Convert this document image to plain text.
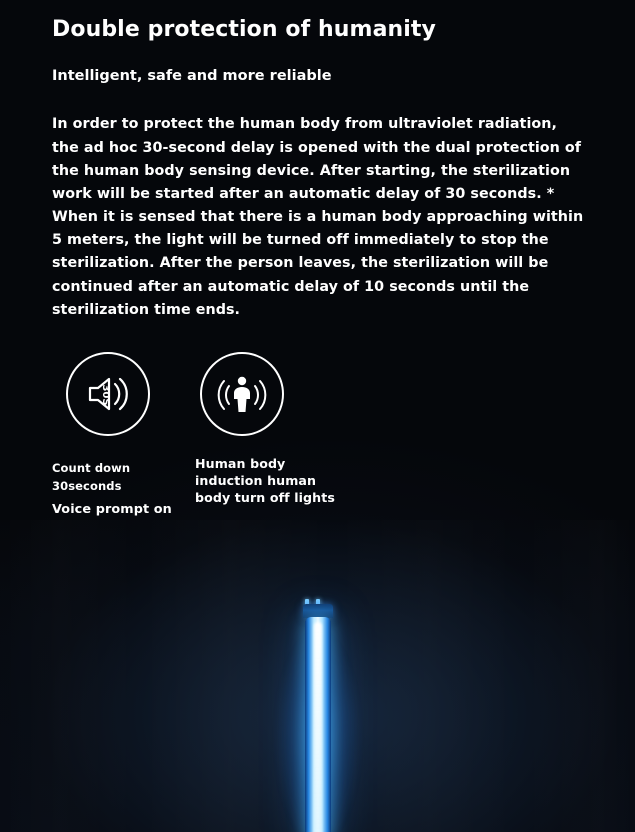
Double protection of humanity
Intelligent, safe and more reliable

In order to protect the human body from ultraviolet radiation, the ad hoc 30-second delay is opened with the dual protection of the human body sensing device. After starting, the sterilization work will be started after an automatic delay of 30 seconds. * When it is sensed that there is a human body approaching within 5 meters, the light will be turned off immediately to stop the sterilization. After the person leaves, the sterilization will be continued after an automatic delay of 10 seconds until the sterilization time ends.

30S
Count down 30seconds
Voice prompt on
Human body
induction human
body turn off lights
